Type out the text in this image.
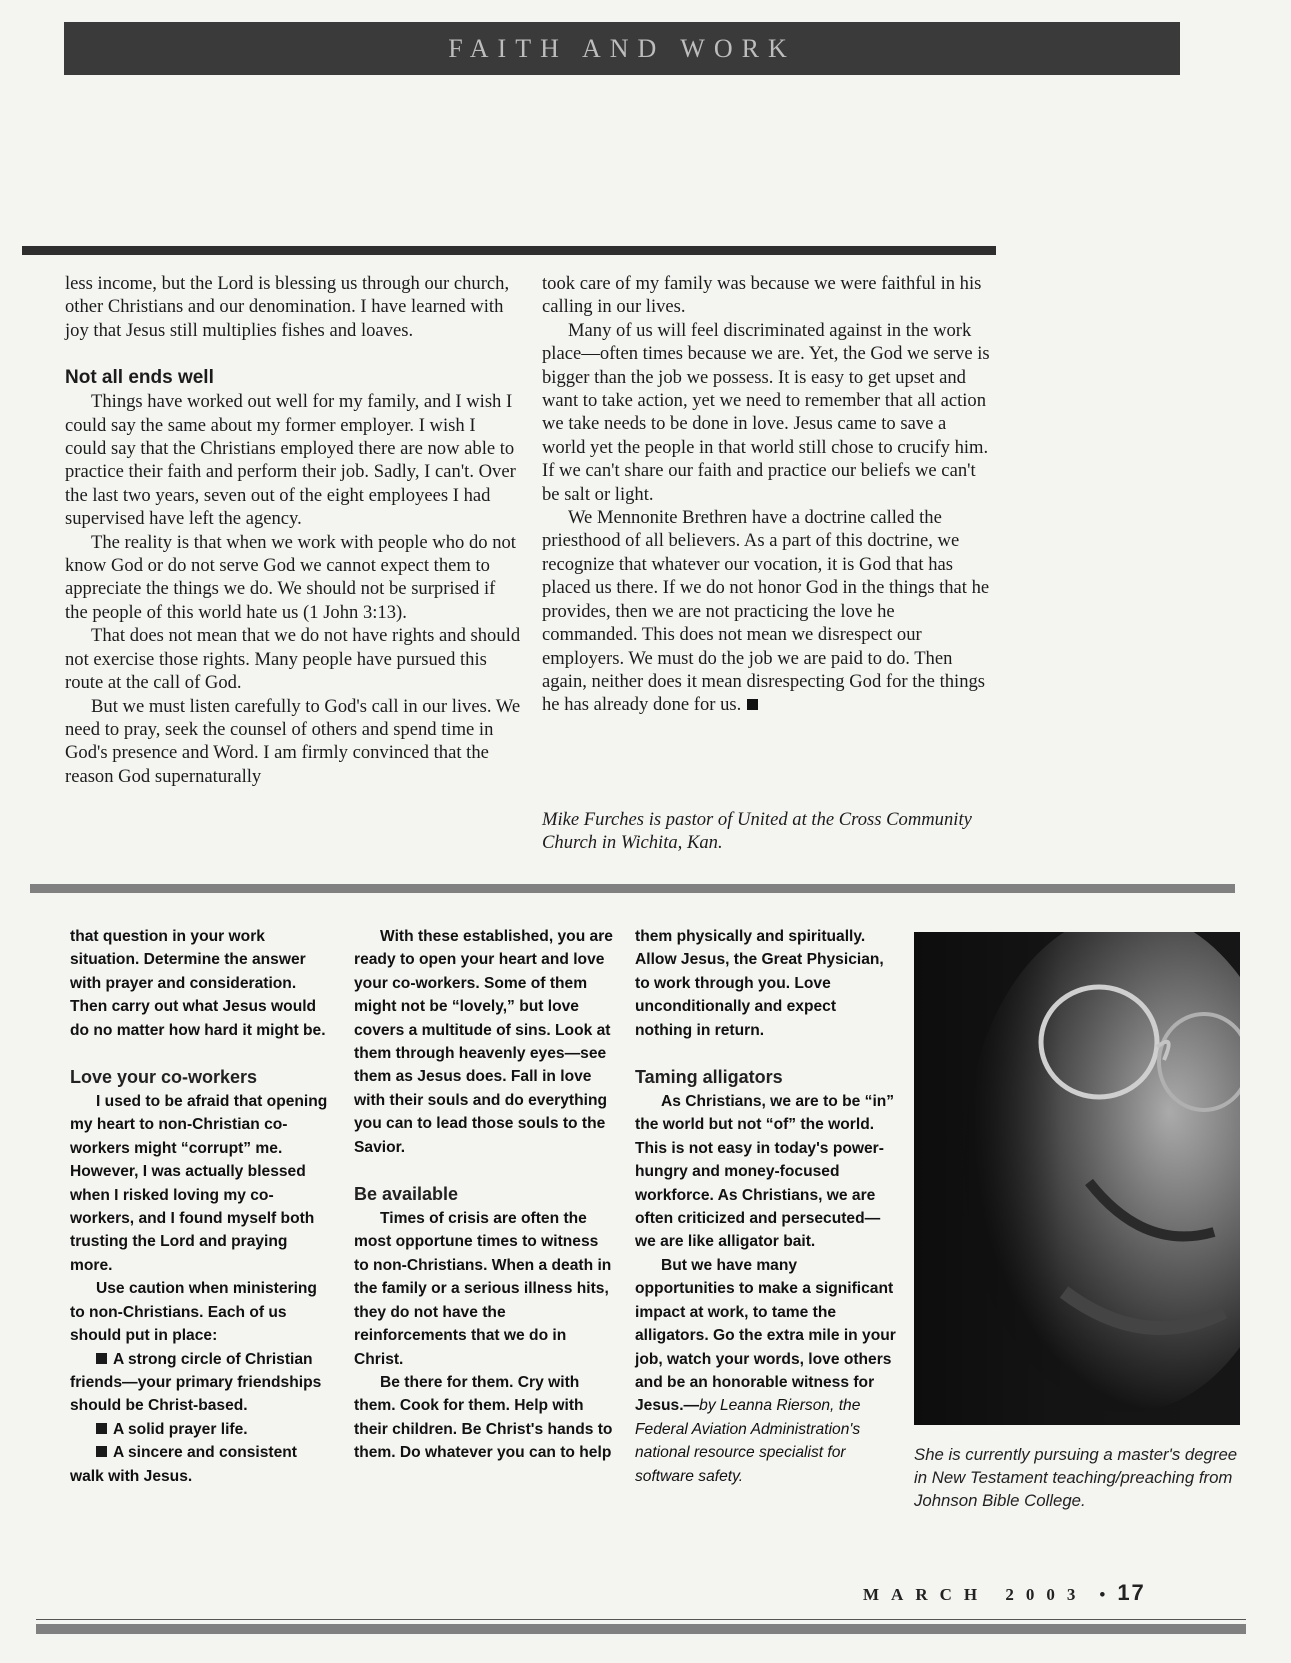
FAITH AND WORK

less income, but the Lord is blessing us through our church, other Christians and our denomination. I have learned with joy that Jesus still multiplies fishes and loaves.

Not all ends well

Things have worked out well for my family, and I wish I could say the same about my former employer. I wish I could say that the Christians employed there are now able to practice their faith and perform their job. Sadly, I can't. Over the last two years, seven out of the eight employees I had supervised have left the agency.

The reality is that when we work with people who do not know God or do not serve God we cannot expect them to appreciate the things we do. We should not be surprised if the people of this world hate us (1 John 3:13).

That does not mean that we do not have rights and should not exercise those rights. Many people have pursued this route at the call of God.

But we must listen carefully to God's call in our lives. We need to pray, seek the counsel of others and spend time in God's presence and Word. I am firmly convinced that the reason God supernaturally

took care of my family was because we were faithful in his calling in our lives.

Many of us will feel discriminated against in the work place—often times because we are. Yet, the God we serve is bigger than the job we possess. It is easy to get upset and want to take action, yet we need to remember that all action we take needs to be done in love. Jesus came to save a world yet the people in that world still chose to crucify him. If we can't share our faith and practice our beliefs we can't be salt or light.

We Mennonite Brethren have a doctrine called the priesthood of all believers. As a part of this doctrine, we recognize that whatever our vocation, it is God that has placed us there. If we do not honor God in the things that he provides, then we are not practicing the love he commanded. This does not mean we disrespect our employers. We must do the job we are paid to do. Then again, neither does it mean disrespecting God for the things he has already done for us.

Mike Furches is pastor of United at the Cross Community Church in Wichita, Kan.

that question in your work situation. Determine the answer with prayer and consideration. Then carry out what Jesus would do no matter how hard it might be.

Love your co-workers

I used to be afraid that opening my heart to non-Christian co-workers might “corrupt” me. However, I was actually blessed when I risked loving my co-workers, and I found myself both trusting the Lord and praying more.

Use caution when ministering to non-Christians. Each of us should put in place:

A strong circle of Christian friends—your primary friendships should be Christ-based.

A solid prayer life.

A sincere and consistent walk with Jesus.

With these established, you are ready to open your heart and love your co-workers. Some of them might not be “lovely,” but love covers a multitude of sins. Look at them through heavenly eyes—see them as Jesus does. Fall in love with their souls and do everything you can to lead those souls to the Savior.

Be available

Times of crisis are often the most opportune times to witness to non-Christians. When a death in the family or a serious illness hits, they do not have the reinforcements that we do in Christ.

Be there for them. Cry with them. Cook for them. Help with their children. Be Christ's hands to them. Do whatever you can to help

them physically and spiritually. Allow Jesus, the Great Physician, to work through you. Love unconditionally and expect nothing in return.

Taming alligators

As Christians, we are to be “in” the world but not “of” the world. This is not easy in today's power-hungry and money-focused workforce. As Christians, we are often criticized and persecuted—we are like alligator bait.

But we have many opportunities to make a significant impact at work, to tame the alligators. Go the extra mile in your job, watch your words, love others and be an honorable witness for Jesus.—by Leanna Rierson, the Federal Aviation Administration's national resource specialist for software safety.

She is currently pursuing a master's degree in New Testament teaching/preaching from Johnson Bible College.
MARCH 2003 • 17
